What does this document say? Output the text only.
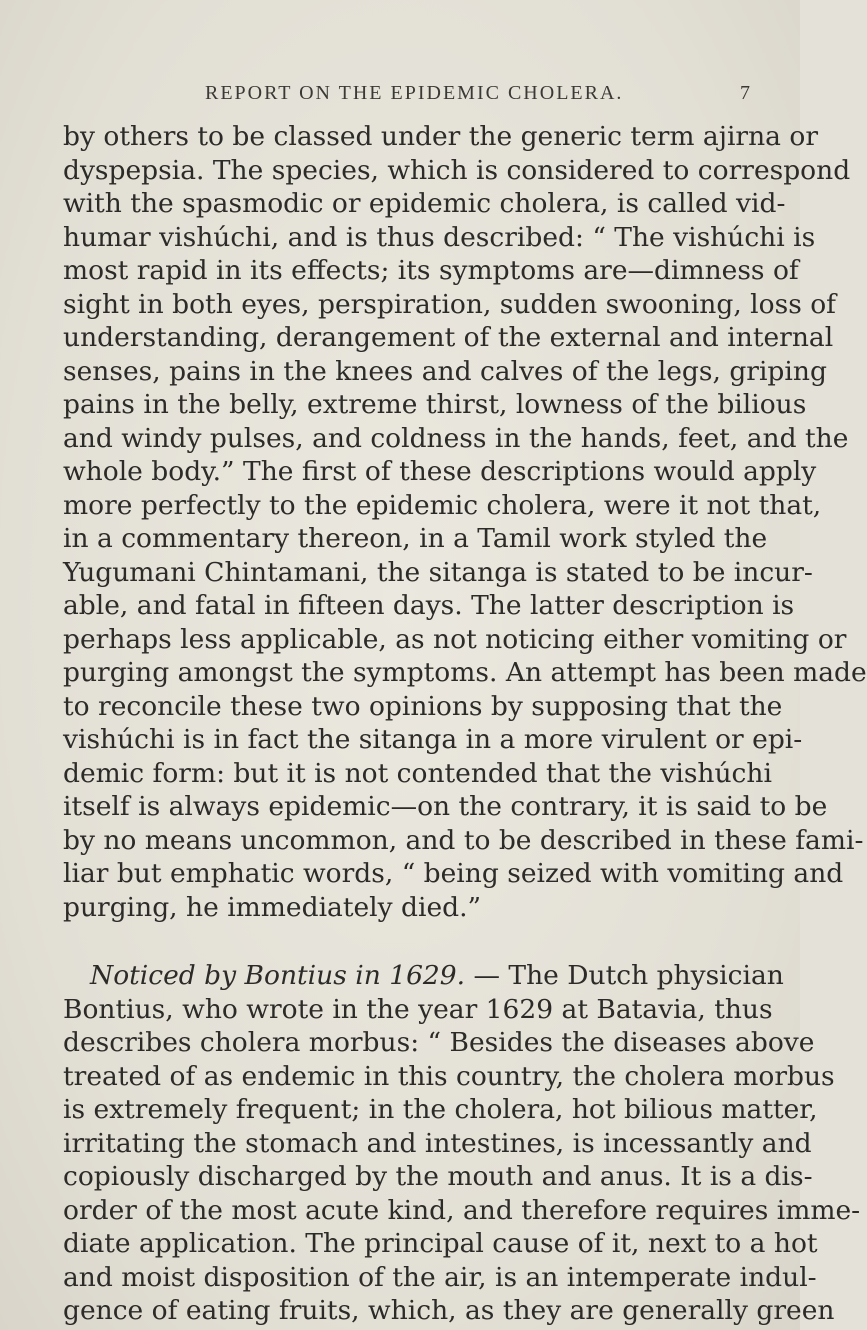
REPORT ON THE EPIDEMIC CHOLERA.	7
by others to be classed under the generic term ajirna or
dyspepsia. The species, which is considered to correspond
with the spasmodic or epidemic cholera, is called vid-
humar vishúchi, and is thus described: “ The vishúchi is
most rapid in its effects; its symptoms are—dimness of
sight in both eyes, perspiration, sudden swooning, loss of
understanding, derangement of the external and internal
senses, pains in the knees and calves of the legs, griping
pains in the belly, extreme thirst, lowness of the bilious
and windy pulses, and coldness in the hands, feet, and the
whole body.” The first of these descriptions would apply
more perfectly to the epidemic cholera, were it not that,
in a commentary thereon, in a Tamil work styled the
Yugumani Chintamani, the sitanga is stated to be incur-
able, and fatal in fifteen days. The latter description is
perhaps less applicable, as not noticing either vomiting or
purging amongst the symptoms. An attempt has been made
to reconcile these two opinions by supposing that the
vishúchi is in fact the sitanga in a more virulent or epi-
demic form: but it is not contended that the vishúchi
itself is always epidemic—on the contrary, it is said to be
by no means uncommon, and to be described in these fami-
liar but emphatic words, “ being seized with vomiting and
purging, he immediately died.”
Noticed by Bontius in 1629. — The Dutch physician
Bontius, who wrote in the year 1629 at Batavia, thus
describes cholera morbus: “ Besides the diseases above
treated of as endemic in this country, the cholera morbus
is extremely frequent; in the cholera, hot bilious matter,
irritating the stomach and intestines, is incessantly and
copiously discharged by the mouth and anus. It is a dis-
order of the most acute kind, and therefore requires imme-
diate application. The principal cause of it, next to a hot
and moist disposition of the air, is an intemperate indul-
gence of eating fruits, which, as they are generally green
